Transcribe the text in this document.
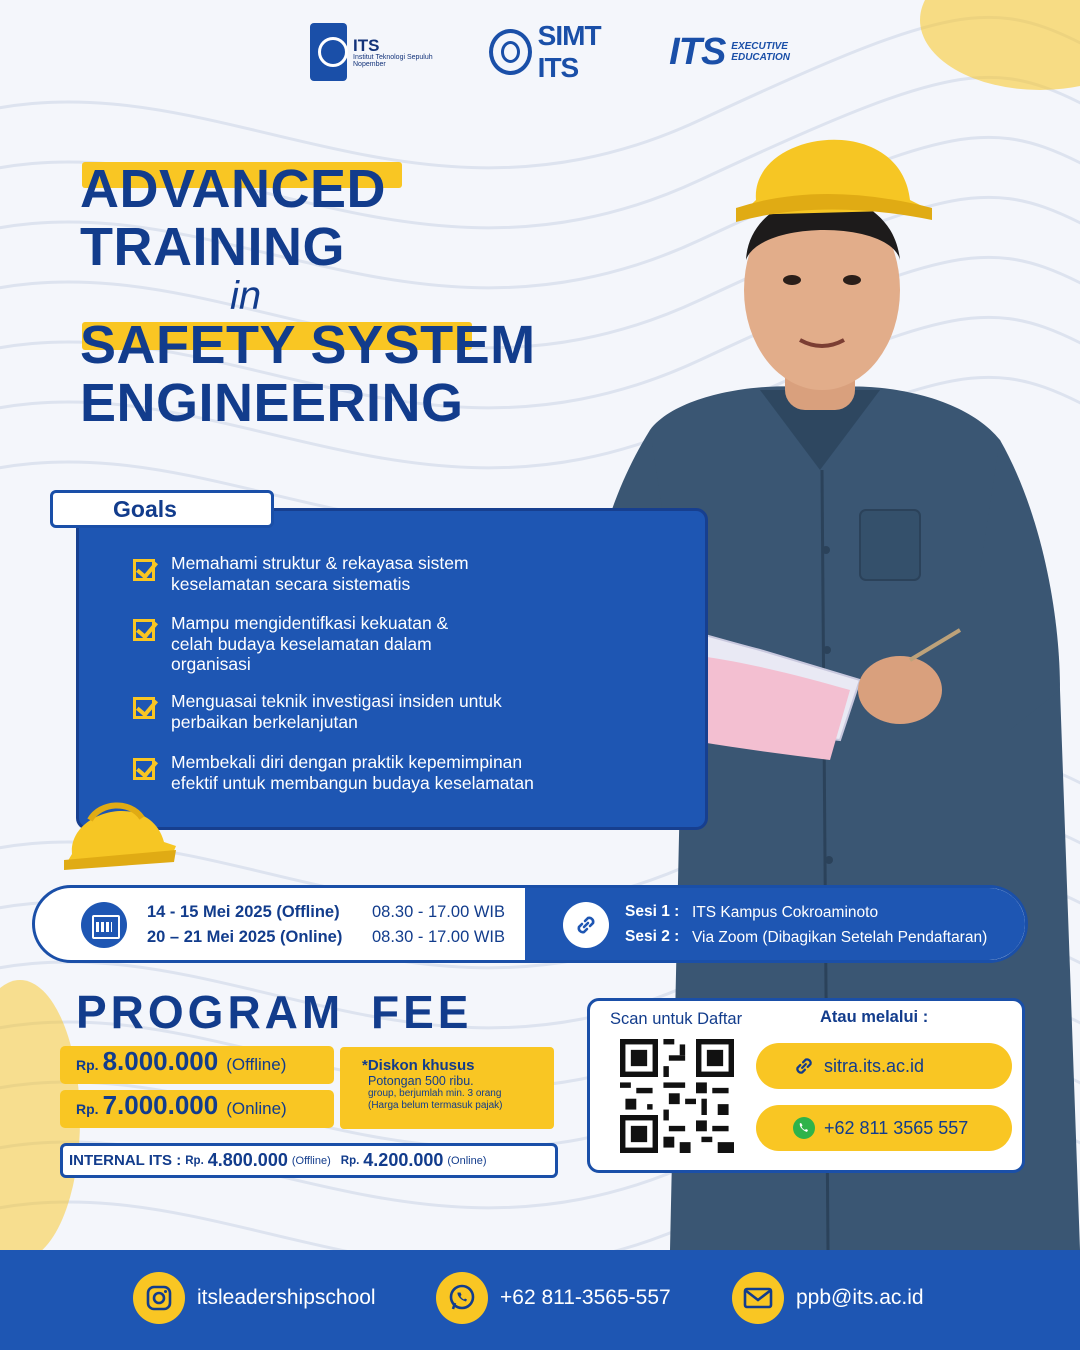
ITS
Institut Teknologi Sepuluh Nopember
SIMT ITS	ITS EXECUTIVE
EDUCATION
ADVANCED
TRAINING
in
SAFETY SYSTEM
ENGINEERING
Goals
Memahami struktur & rekayasa sistem
keselamatan secara sistematis
Mampu mengidentifkasi kekuatan &
celah budaya keselamatan dalam
organisasi
Menguasai teknik investigasi insiden untuk
perbaikan berkelanjutan
Membekali diri dengan praktik kepemimpinan
efektif untuk membangun budaya keselamatan
14 - 15 Mei 2025 (Offline) 08.30 - 17.00 WIB
20 – 21 Mei 2025 (Online) 08.30 - 17.00 WIB
Sesi 1 : ITS Kampus Cokroaminoto
Sesi 2 : Via Zoom (Dibagikan Setelah Pendaftaran)
PROGRAM FEE
Rp. 8.000.000 (Offline)
Rp. 7.000.000 (Online)
*Diskon khusus
Potongan 500 ribu.
group, berjumlah min. 3 orang
(Harga belum termasuk pajak)
INTERNAL ITS : Rp. 4.800.000 (Offline) Rp. 4.200.000 (Online)
Scan untuk Daftar	Atau melalui :
sitra.its.ac.id
+62 811 3565 557
itsleadershipschool	+62 811-3565-557	ppb@its.ac.id
